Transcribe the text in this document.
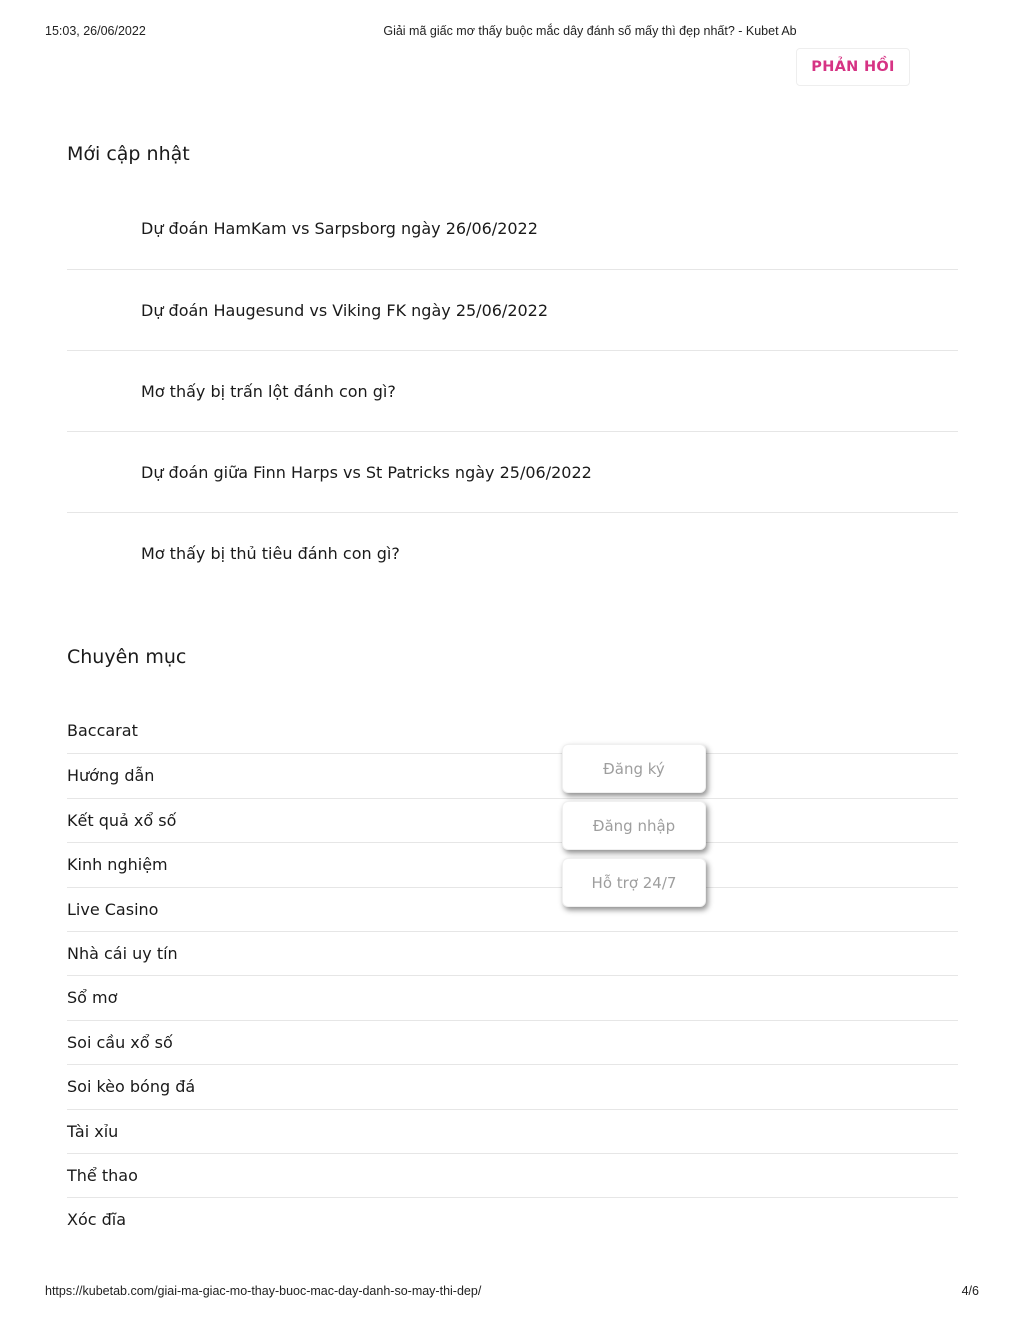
15:03, 26/06/2022	Giải mã giấc mơ thấy buộc mắc dây đánh số mấy thì đẹp nhất? - Kubet Ab
PHẢN HỒI
Mới cập nhật
Dự đoán HamKam vs Sarpsborg ngày 26/06/2022
Dự đoán Haugesund vs Viking FK ngày 25/06/2022
Mơ thấy bị trấn lột đánh con gì?
Dự đoán giữa Finn Harps vs St Patricks ngày 25/06/2022
Mơ thấy bị thủ tiêu đánh con gì?
Chuyên mục
Baccarat
Hướng dẫn
Kết quả xổ số
Kinh nghiệm
Live Casino
Nhà cái uy tín
Sổ mơ
Soi cầu xổ số
Soi kèo bóng đá
Tài xỉu
Thể thao
Xóc đĩa
Đăng ký
Đăng nhập
Hỗ trợ 24/7
https://kubetab.com/giai-ma-giac-mo-thay-buoc-mac-day-danh-so-may-thi-dep/	4/6
